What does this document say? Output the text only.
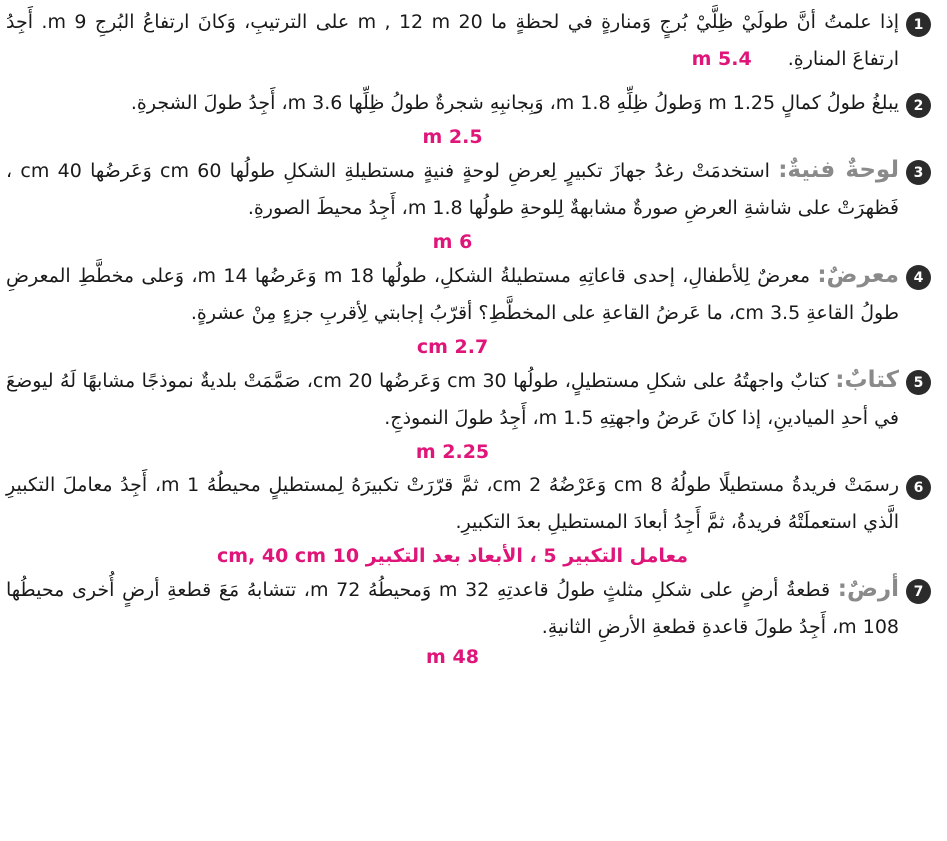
1

إذا علمتُ أنَّ طولَيْ ظِلَّيْ بُرجٍ وَمنارةٍ في لحظةٍ ما 20 m , 12 m على الترتيبِ، وَكانَ ارتفاعُ البُرجِ 9 m. أَجِدُ ارتفاعَ المنارةِ. 5.4 m

2

يبلغُ طولُ كمالٍ 1.25 m وَطولُ ظِلِّهِ 1.8 m، وَبِجانبِهِ شجرةٌ طولُ ظِلِّها 3.6 m، أَجِدُ طولَ الشجرةِ.

2.5 m
3

لوحةٌ فنيةٌ: استخدمَتْ رغدُ جهازَ تكبيرٍ لِعرضِ لوحةٍ فنيةٍ مستطيلةِ الشكلِ طولُها 60 cm وَعَرضُها 40 cm ، فَظهرَتْ على شاشةِ العرضِ صورةٌ مشابهةٌ لِلوحةِ طولُها 1.8 m، أَجِدُ محيطَ الصورةِ.

6 m
4

معرضٌ: معرضٌ لِلأطفالِ، إحدى قاعاتِهِ مستطيلةُ الشكلِ، طولُها 18 m وَعَرضُها 14 m، وَعلى مخطَّطِ المعرضِ طولُ القاعةِ 3.5 cm، ما عَرضُ القاعةِ على المخطَّطِ؟ أقرّبُ إجابتي لِأقربِ جزءٍ مِنْ عشرةٍ.

2.7 cm
5

كتابٌ: كتابٌ واجهتُهُ على شكلِ مستطيلٍ، طولُها 30 cm وَعَرضُها 20 cm، صَمَّمَتْ بلديةٌ نموذجًا مشابهًا لَهُ ليوضعَ في أحدِ الميادينِ، إذا كانَ عَرضُ واجهتِهِ 1.5 m، أَجِدُ طولَ النموذجِ.

2.25 m
6

رسمَتْ فريدةُ مستطيلًا طولُهُ 8 cm وَعَرْضُهُ 2 cm، ثمَّ قرّرَتْ تكبيرَهُ لِمستطيلٍ محيطُهُ 1 m، أَجِدُ معاملَ التكبيرِ الَّذي استعملَتْهُ فريدةُ، ثمَّ أَجِدُ أبعادَ المستطيلِ بعدَ التكبيرِ.

معامل التكبير 5 ، الأبعاد بعد التكبير 10 cm, 40 cm
7

أرضٌ: قطعةُ أرضٍ على شكلِ مثلثٍ طولُ قاعدتِهِ 32 m وَمحيطُهُ 72 m، تتشابهُ مَعَ قطعةِ أرضٍ أُخرى محيطُها 108 m، أَجِدُ طولَ قاعدةِ قطعةِ الأرضِ الثانيةِ.

48 m
